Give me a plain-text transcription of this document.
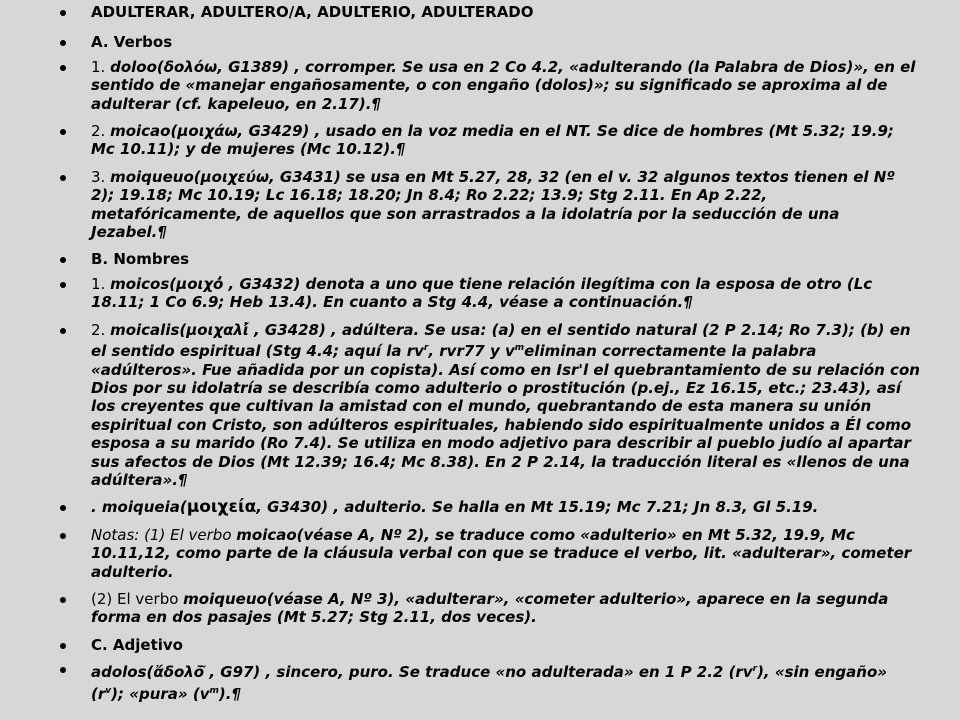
ADULTERAR, ADULTERO/A, ADULTERIO, ADULTERADO
A. Verbos
1. doloo(δολόω, G1389) , corromper. Se usa en 2 Co 4.2, «adulterando (la Palabra de Dios)», en el sentido de «manejar engañosamente, o con engaño (dolos)»; su significado se aproxima al de adulterar (cf. kapeleuo, en 2.17).¶
2. moicao(μοιχάω, G3429) , usado en la voz media en el NT. Se dice de hombres (Mt 5.32; 19.9; Mc 10.11); y de mujeres (Mc 10.12).¶
3. moiqueuo(μοιχεύω, G3431) se usa en Mt 5.27, 28, 32 (en el v. 32 algunos textos tienen el Nº 2); 19.18; Mc 10.19; Lc 16.18; 18.20; Jn 8.4; Ro 2.22; 13.9; Stg 2.11. En Ap 2.22, metafóricamente, de aquellos que son arrastrados a la idolatría por la seducción de una Jezabel.¶
B. Nombres
1. moicos(μοιχό̓ , G3432) denota a uno que tiene relación ilegítima con la esposa de otro (Lc 18.11; 1 Co 6.9; Heb 13.4). En cuanto a Stg 4.4, véase a continuación.¶
2. moicalis(μοιχαλί̓ , G3428) , adúltera. Se usa: (a) en el sentido natural (2 P 2.14; Ro 7.3); (b) en el sentido espiritual (Stg 4.4; aquí la $rv^r$, rvr77 y $v^meliminan$ correctamente la palabra «adúlteros». Fue añadida por un copista). Así como en Isr'l el quebrantamiento de su relación con Dios por su idolatría se describía como adulterio o prostitución (p.ej., Ez 16.15, etc.; 23.43), así los creyentes que cultivan la amistad con el mundo, quebrantando de esta manera su unión espiritual con Cristo, son adúlteros espirituales, habiendo sido espiritualmente unidos a Él como esposa a su marido (Ro 7.4). Se utiliza en modo adjetivo para describir al pueblo judío al apartar sus afectos de Dios (Mt 12.39; 16.4; Mc 8.38). En 2 P 2.14, la traducción literal es «llenos de una adúltera».¶
. moiqueia(μοιχεία, G3430) , adulterio. Se halla en Mt 15.19; Mc 7.21; Jn 8.3, Gl 5.19.
Notas: (1) El verbo moicao(véase A, Nº 2), se traduce como «adulterio» en Mt 5.32, 19.9, Mc 10.11,12, como parte de la cláusula verbal con que se traduce el verbo, lit. «adulterar», cometer adulterio.
(2) El verbo moiqueuo(véase A, Nº 3), «adulterar», «cometer adulterio», aparece en la segunda forma en dos pasajes (Mt 5.27; Stg 2.11, dos veces).
C. Adjetivo
adolos(ἄδολō̃ , G97) , sincero, puro. Se traduce «no adulterada» en 1 P 2.2 $(rv^r)$, «sin engaño» $(r^v)$; «pura» $(v^m).\P$
